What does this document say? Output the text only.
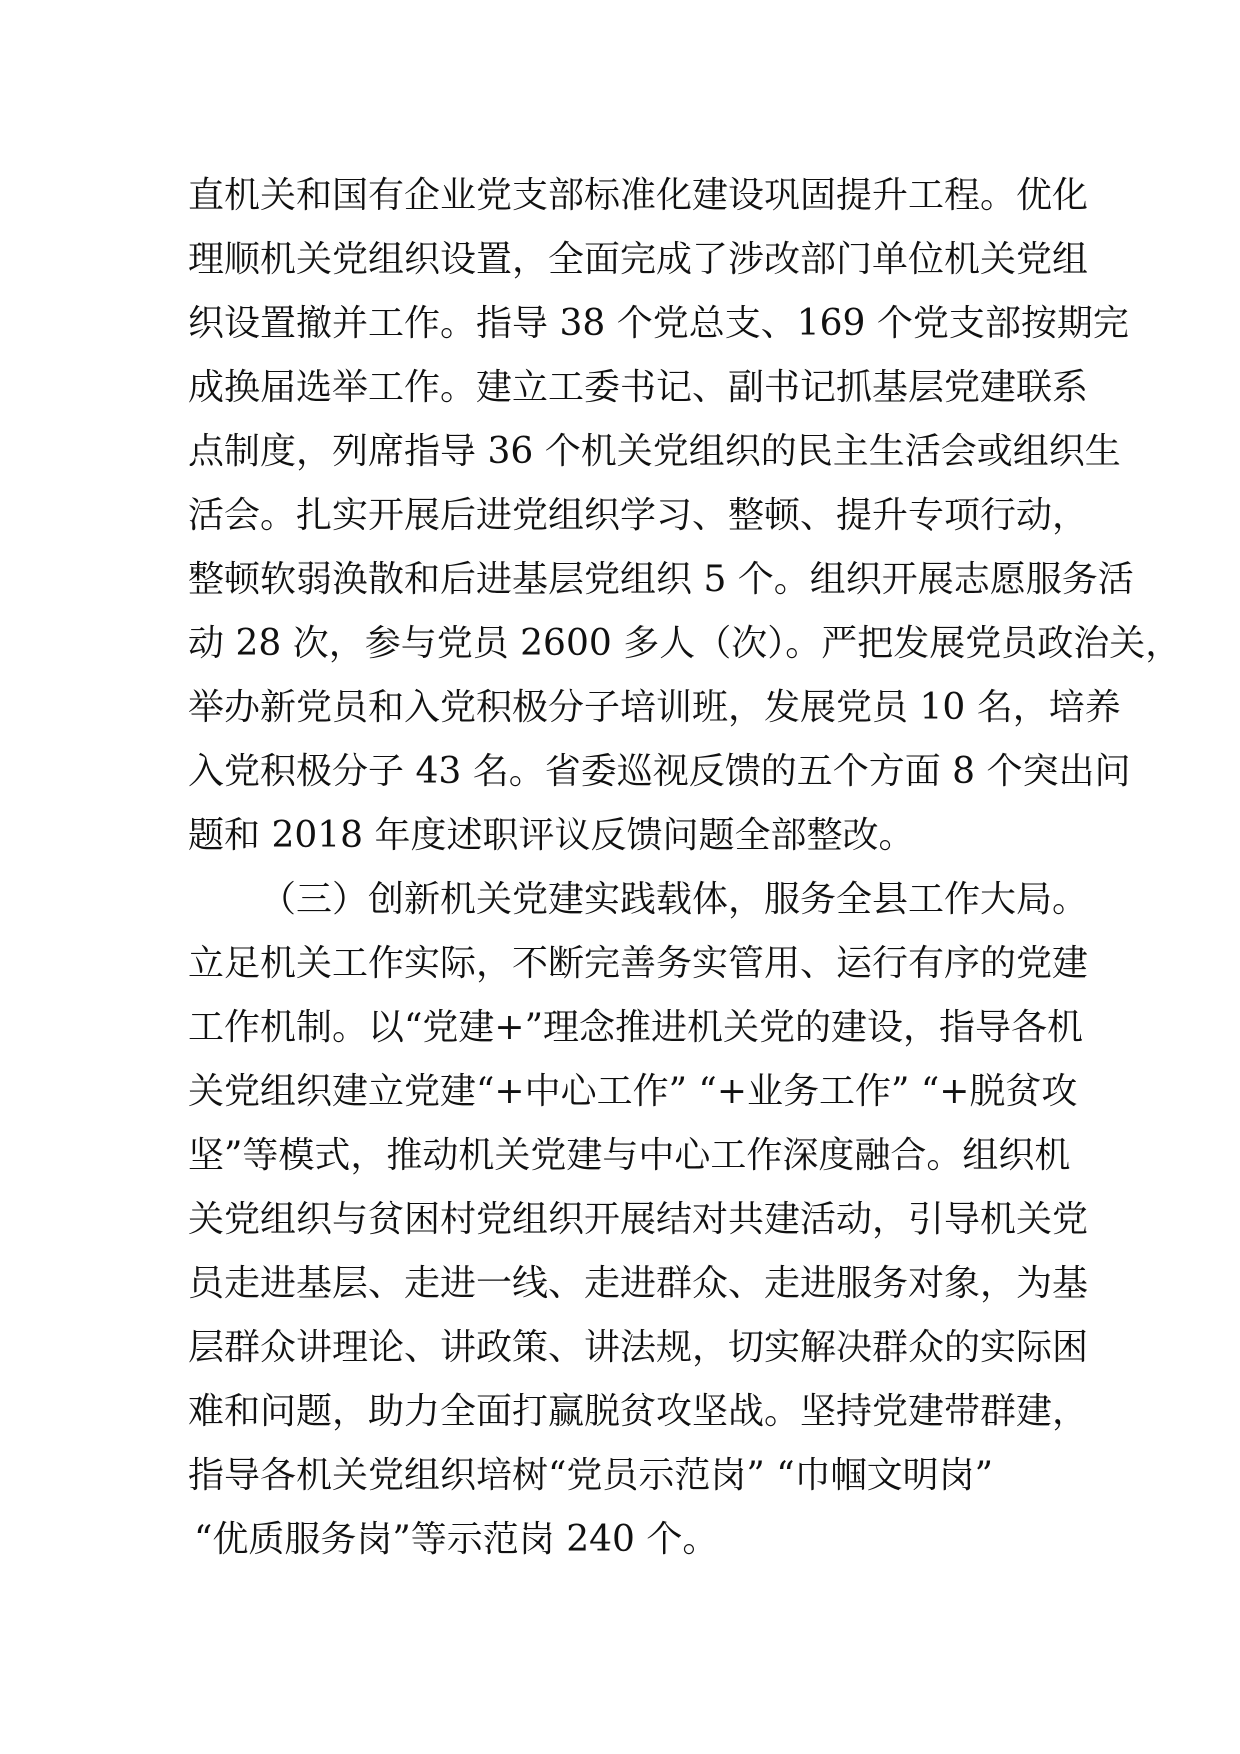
直机关和国有企业党支部标准化建设巩固提升工程。优化
理顺机关党组织设置，全面完成了涉改部门单位机关党组
织设置撤并工作。指导 38 个党总支、169 个党支部按期完
成换届选举工作。建立工委书记、副书记抓基层党建联系
点制度，列席指导 36 个机关党组织的民主生活会或组织生
活会。扎实开展后进党组织学习、整顿、提升专项行动，
整顿软弱涣散和后进基层党组织 5 个。组织开展志愿服务活
动 28 次，参与党员 2600 多人（次）。严把发展党员政治关，
举办新党员和入党积极分子培训班，发展党员 10 名，培养
入党积极分子 43 名。省委巡视反馈的五个方面 8 个突出问
题和 2018 年度述职评议反馈问题全部整改。
（三）创新机关党建实践载体，服务全县工作大局。
立足机关工作实际，不断完善务实管用、运行有序的党建
工作机制。以“党建+”理念推进机关党的建设，指导各机
关党组织建立党建“+中心工作” “+业务工作” “+脱贫攻
坚”等模式，推动机关党建与中心工作深度融合。组织机
关党组织与贫困村党组织开展结对共建活动，引导机关党
员走进基层、走进一线、走进群众、走进服务对象，为基
层群众讲理论、讲政策、讲法规，切实解决群众的实际困
难和问题，助力全面打赢脱贫攻坚战。坚持党建带群建，
指导各机关党组织培树“党员示范岗” “巾帼文明岗”
“优质服务岗”等示范岗 240 个。
